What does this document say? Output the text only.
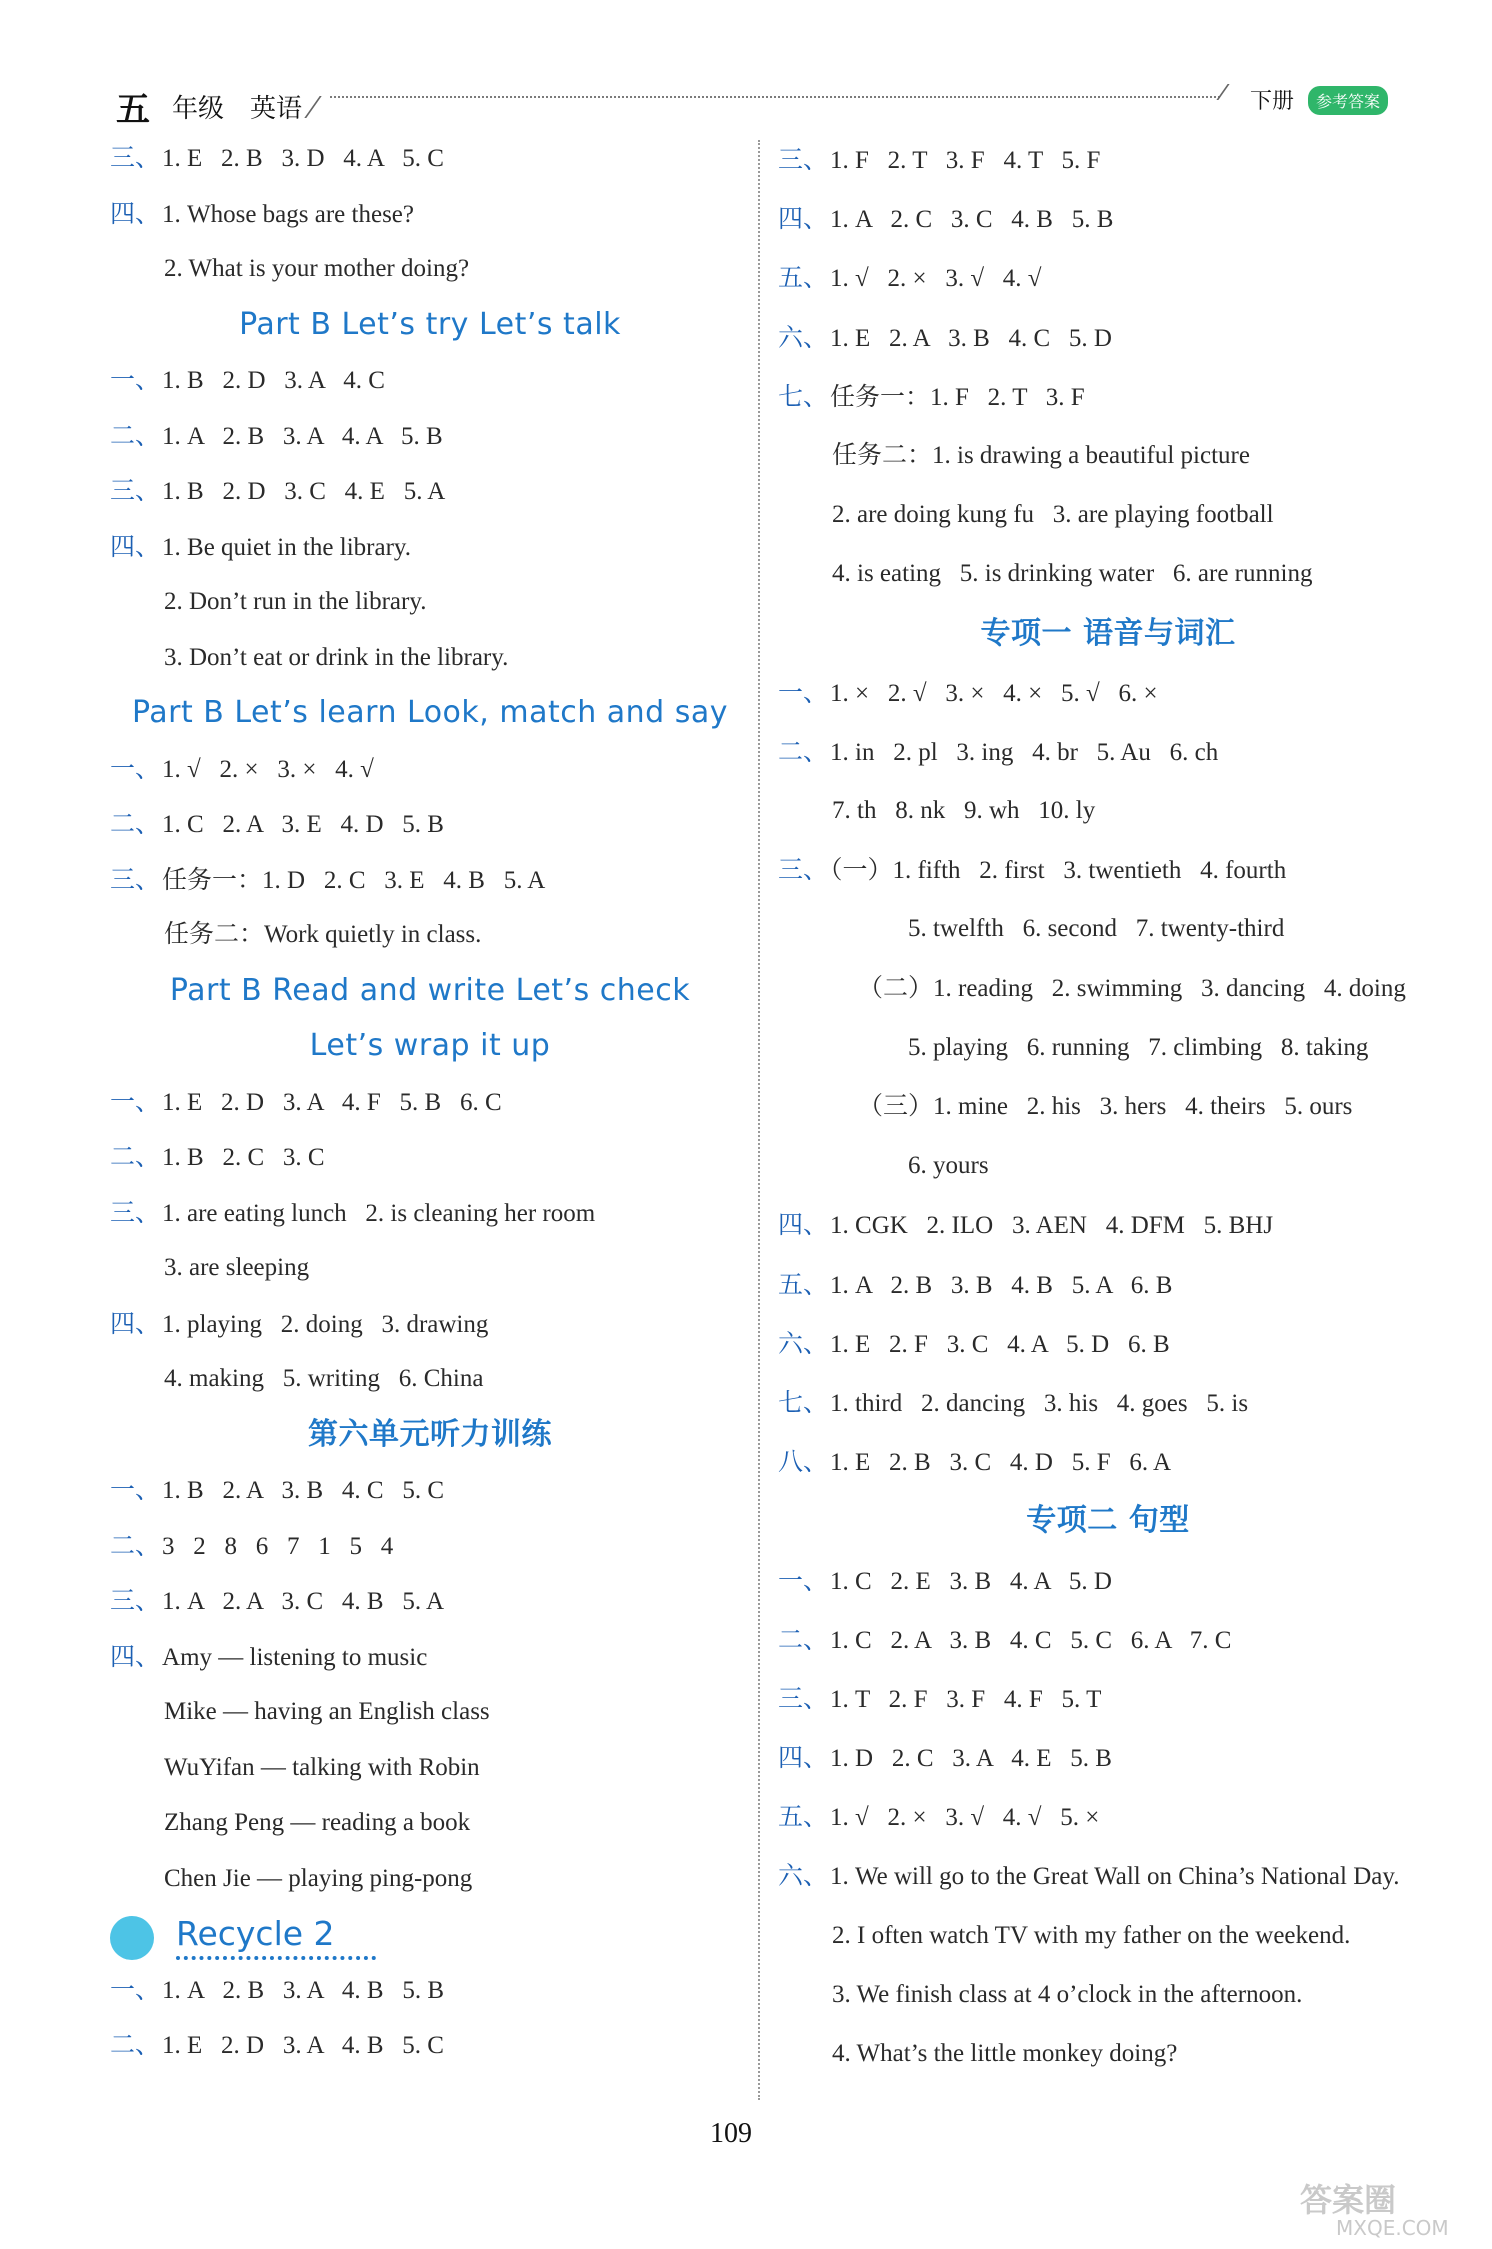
五 年级 英语	下册	参考答案
三、1. E   2. B   3. D   4. A   5. C
四、1. Whose bags are these?
2. What is your mother doing?
Part B Let’s try Let’s talk
一、1. B   2. D   3. A   4. C
二、1. A   2. B   3. A   4. A   5. B
三、1. B   2. D   3. C   4. E   5. A
四、1. Be quiet in the library.
2. Don’t run in the library.
3. Don’t eat or drink in the library.
Part B Let’s learn Look, match and say
一、1. √   2. ×   3. ×   4. √
二、1. C   2. A   3. E   4. D   5. B
三、任务一：1. D   2. C   3. E   4. B   5. A
任务二：Work quietly in class.
Part B Read and write Let’s check
Let’s wrap it up
一、1. E   2. D   3. A   4. F   5. B   6. C
二、1. B   2. C   3. C
三、1. are eating lunch   2. is cleaning her room
3. are sleeping
四、1. playing   2. doing   3. drawing
4. making   5. writing   6. China
第六单元听力训练
一、1. B   2. A   3. B   4. C   5. C
二、3   2   8   6   7   1   5   4
三、1. A   2. A   3. C   4. B   5. A
四、Amy — listening to music
Mike — having an English class
WuYifan — talking with Robin
Zhang Peng — reading a book
Chen Jie — playing ping-pong
Recycle 2
一、1. A   2. B   3. A   4. B   5. B
二、1. E   2. D   3. A   4. B   5. C
三、1. F   2. T   3. F   4. T   5. F
四、1. A   2. C   3. C   4. B   5. B
五、1. √   2. ×   3. √   4. √
六、1. E   2. A   3. B   4. C   5. D
七、任务一：1. F   2. T   3. F
任务二：1. is drawing a beautiful picture
2. are doing kung fu   3. are playing football
4. is eating   5. is drinking water   6. are running
专项一 语音与词汇
一、1. ×   2. √   3. ×   4. ×   5. √   6. ×
二、1. in   2. pl   3. ing   4. br   5. Au   6. ch
7. th   8. nk   9. wh   10. ly
三、（一）1. fifth   2. first   3. twentieth   4. fourth
5. twelfth   6. second   7. twenty-third
（二）1. reading   2. swimming   3. dancing   4. doing
5. playing   6. running   7. climbing   8. taking
（三）1. mine   2. his   3. hers   4. theirs   5. ours
6. yours
四、1. CGK   2. ILO   3. AEN   4. DFM   5. BHJ
五、1. A   2. B   3. B   4. B   5. A   6. B
六、1. E   2. F   3. C   4. A   5. D   6. B
七、1. third   2. dancing   3. his   4. goes   5. is
八、1. E   2. B   3. C   4. D   5. F   6. A
专项二 句型
一、1. C   2. E   3. B   4. A   5. D
二、1. C   2. A   3. B   4. C   5. C   6. A   7. C
三、1. T   2. F   3. F   4. F   5. T
四、1. D   2. C   3. A   4. E   5. B
五、1. √   2. ×   3. √   4. √   5. ×
六、1. We will go to the Great Wall on China’s National Day.
2. I often watch TV with my father on the weekend.
3. We finish class at 4 o’clock in the afternoon.
4. What’s the little monkey doing?
109
答案圈
MXQE.COM
